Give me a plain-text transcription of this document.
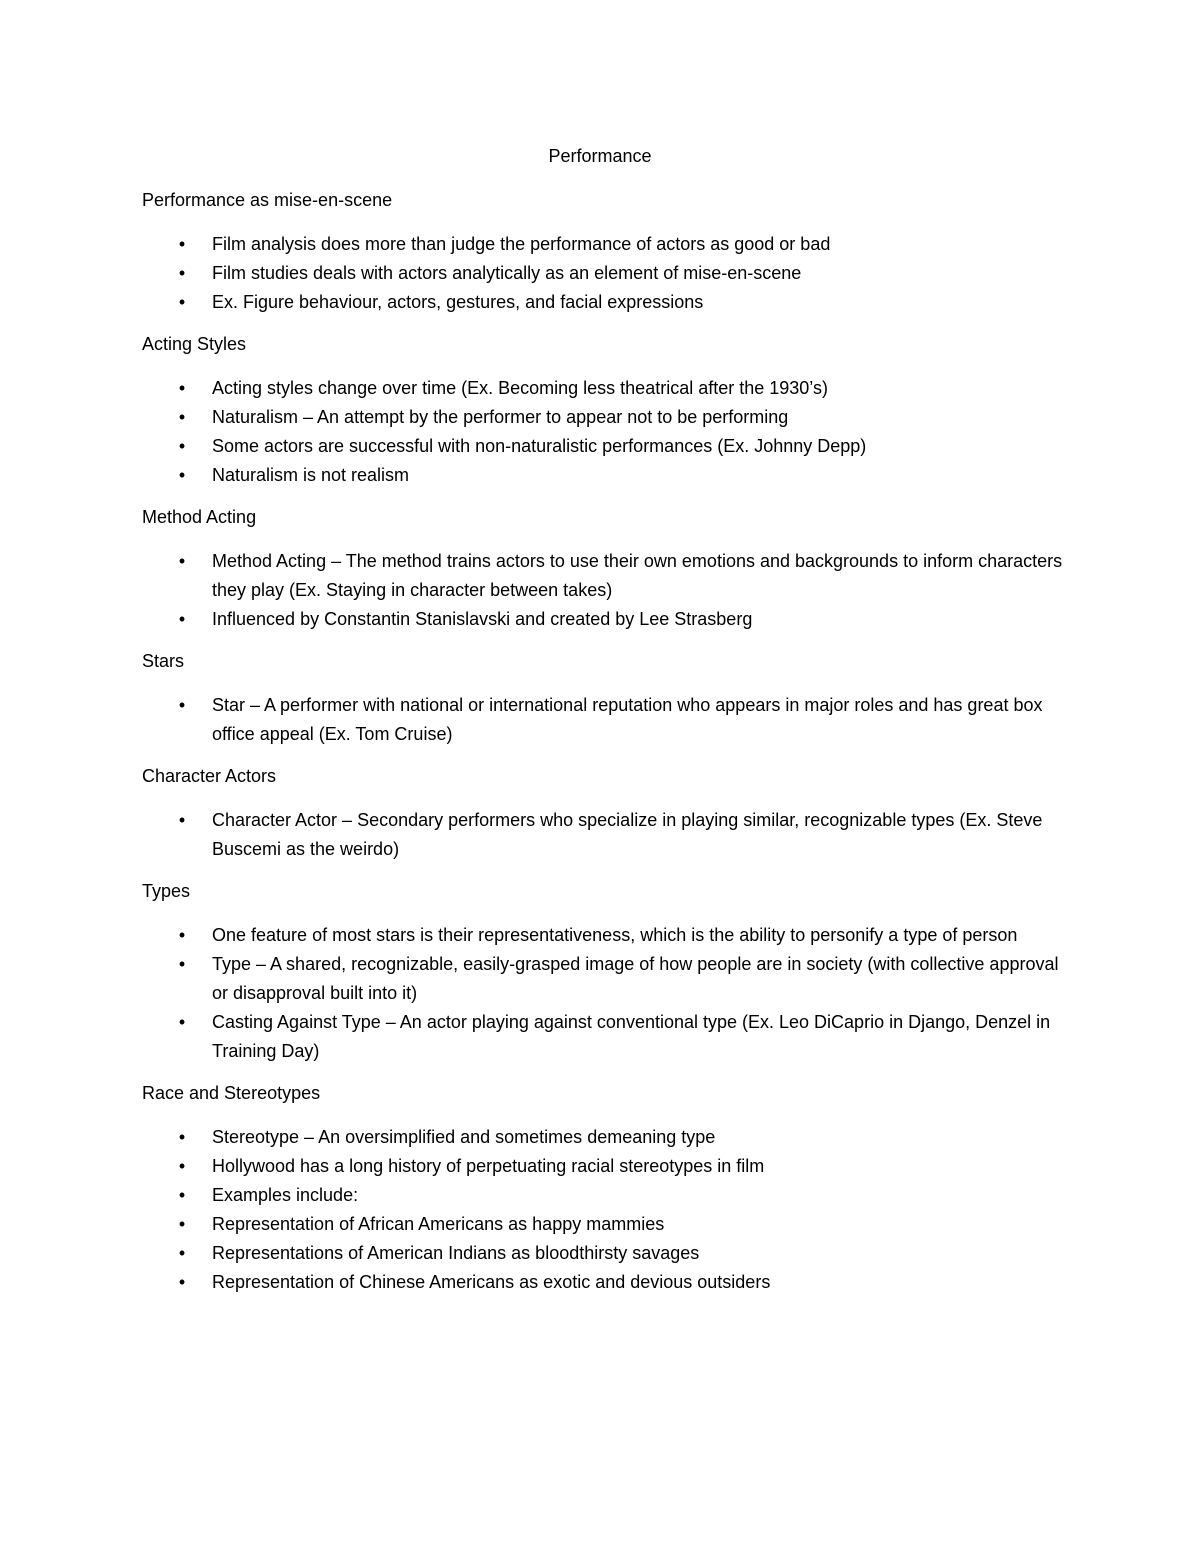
Performance

Performance as mise-en-scene

• Film analysis does more than judge the performance of actors as good or bad
• Film studies deals with actors analytically as an element of mise-en-scene
• Ex. Figure behaviour, actors, gestures, and facial expressions

Acting Styles

• Acting styles change over time (Ex. Becoming less theatrical after the 1930’s)
• Naturalism – An attempt by the performer to appear not to be performing
• Some actors are successful with non-naturalistic performances (Ex. Johnny Depp)
• Naturalism is not realism

Method Acting

• Method Acting – The method trains actors to use their own emotions and backgrounds to inform characters they play (Ex. Staying in character between takes)
• Influenced by Constantin Stanislavski and created by Lee Strasberg

Stars

• Star – A performer with national or international reputation who appears in major roles and has great box office appeal (Ex. Tom Cruise)

Character Actors

• Character Actor – Secondary performers who specialize in playing similar, recognizable types (Ex. Steve Buscemi as the weirdo)

Types

• One feature of most stars is their representativeness, which is the ability to personify a type of person
• Type – A shared, recognizable, easily-grasped image of how people are in society (with collective approval or disapproval built into it)
• Casting Against Type – An actor playing against conventional type (Ex. Leo DiCaprio in Django, Denzel in Training Day)

Race and Stereotypes

• Stereotype – An oversimplified and sometimes demeaning type
• Hollywood has a long history of perpetuating racial stereotypes in film
• Examples include:
• Representation of African Americans as happy mammies
• Representations of American Indians as bloodthirsty savages
• Representation of Chinese Americans as exotic and devious outsiders
